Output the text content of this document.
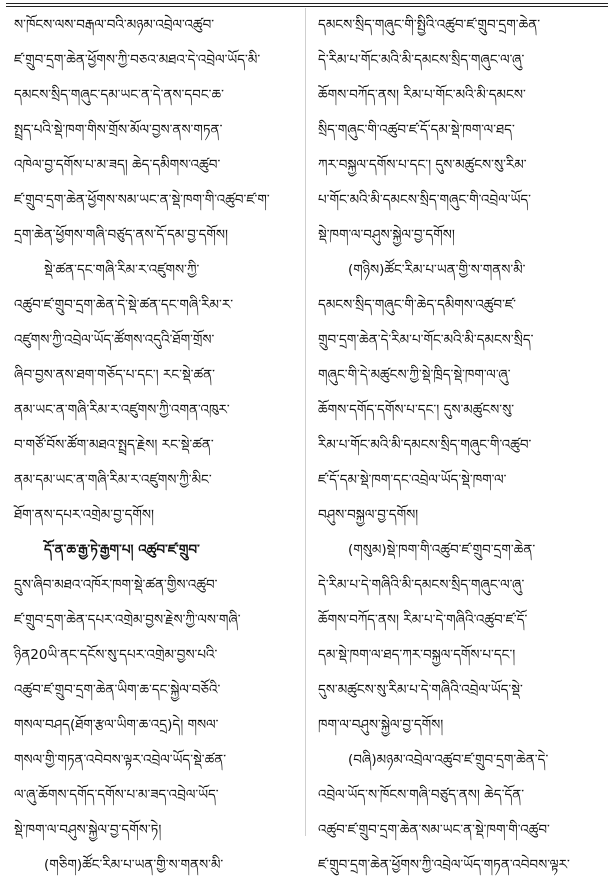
ས་ཁོངས་ལས་བརྒལ་བའི་མཉམ་འབྲེལ་འཚུབ་
ཛ་གྲུབ་དྲག་ཆེན་ཕྱོགས་ཀྱི་བཅའ་མཐའ་དེ་འབྲེལ་ཡོད་མི་
དམངས་སྲིད་གཞུང་དམ་ཡང་ན་དེ་ནས་དབང་ཆ་
སྤྲད་པའི་སྡེ་ཁག་གིས་གྲོས་མོལ་བྱས་ནས་གཏན་
འཁེལ་བྱ་དགོས་པ་མ་ཟད། ཆེད་དམིགས་འཚུབ་
ཛ་གྲུབ་དྲག་ཆེན་ཕྱོགས་སམ་ཡང་ན་སྡེ་ཁག་གི་འཚུབ་ཛ་ག་
དྲག་ཆེན་ཕྱོགས་གཞི་བཙུད་ནས་དོ་དམ་བྱ་དགོས།
སྡེ་ཚན་དང་གཞི་རིམ་ར་འཛུགས་ཀྱི་
འཚུབ་ཛ་གྲུབ་དྲག་ཆེན་དེ་སྡེ་ཚན་དང་གཞི་རིམ་ར་
འཛུགས་ཀྱི་འབྲེལ་ཡོད་ཚོགས་འདུའི་ཐོག་གྲོས་
ཞིབ་བྱས་ནས་ཐག་གཅོད་པ་དང་། རང་སྡེ་ཚན་
ནམ་ཡང་ན་གཞི་རིམ་ར་འཛུགས་ཀྱི་འགན་འཁུར་
བ་གཙོ་བོས་ཚོག་མཐའ་སྤྲད་རྗེས། རང་སྡེ་ཚན་
ནམ་དམ་ཡང་ན་གཞི་རིམ་ར་འཛུགས་ཀྱི་མིང་
ཐོག་ནས་དཔར་འགྲེམ་བྱ་དགོས།
དོ་ན་ཆ་རྒྱ་ཏེ་རྒྱག་པ། འཚུབ་ཛ་གྲུབ་
དྲུས་ཞིབ་མཐའ་འཁོར་ཁག་སྡེ་ཚན་གྱིས་འཚུབ་
ཛ་གྲུབ་དྲག་ཆེན་དཔར་འགྲེམ་བྱས་རྗེས་ཀྱི་ལས་གཞི་
ཉིན20ཡི་ནང་དངོས་སུ་དཔར་འགྲེམ་བྱས་པའི་
འཚུབ་ཛ་གྲུབ་དྲག་ཆེན་ཡིག་ཆ་དང་སྐྱེལ་བཅོའི་
གསལ་བཤད(ཐོག་རྩལ་ཡིག་ཆ་འདྲ)དེ། གསལ་
གསལ་གྱི་གཏན་འབེབས་ལྟར་འབྲེལ་ཡོད་སྡེ་ཚན་
ལ་ཞུ་ཆོགས་དགོད་དགོས་པ་མ་ཟད་འབྲེལ་ཡོད་
སྡེ་ཁག་ལ་བཤུས་སྐྱེལ་བྱ་དགོས་ཏེ།
(གཅིག)ཚོང་རིམ་པ་ཡན་གྱི་ས་གནས་མི་
དམངས་སྲིད་གཞུང་གི་སྤྱིའི་འཚུབ་ཛ་གྲུབ་དྲག་ཆེན་
དེ་རིམ་པ་གོང་མའི་མི་དམངས་སྲིད་གཞུང་ལ་ཞུ་
ཆོགས་བཀོད་ནས། རིམ་པ་གོང་མའི་མི་དམངས་
སྲིད་གཞུང་གི་འཚུབ་ཛ་དོ་དམ་སྡེ་ཁག་ལ་ཐད་
ཀར་བསྐྱལ་དགོས་པ་དང་། དུས་མཚུངས་སུ་རིམ་
པ་གོང་མའི་མི་དམངས་སྲིད་གཞུང་གི་འབྲེལ་ཡོད་
སྡེ་ཁག་ལ་བཤུས་སྐྱེལ་བྱ་དགོས།
(གཉིས)ཚོང་རིམ་པ་ཡན་གྱི་ས་གནས་མི་
དམངས་སྲིད་གཞུང་གི་ཆེད་དམིགས་འཚུབ་ཛ་
གྲུབ་དྲག་ཆེན་དེ་རིམ་པ་གོང་མའི་མི་དམངས་སྲིད་
གཞུང་གི་དེ་མཚུངས་ཀྱི་སྡེ་ཁྲིད་སྡེ་ཁག་ལ་ཞུ་
ཆོགས་དགོད་དགོས་པ་དང་། དུས་མཚུངས་སུ་
རིམ་པ་གོང་མའི་མི་དམངས་སྲིད་གཞུང་གི་འཚུབ་
ཛ་དོ་དམ་སྡེ་ཁག་དང་འབྲེལ་ཡོད་སྡེ་ཁག་ལ་
བཤུས་བསྐྱལ་བྱ་དགོས།
(གསུམ)སྡེ་ཁག་གི་འཚུབ་ཛ་གྲུབ་དྲག་ཆེན་
དེ་རིམ་པ་དེ་གཞིའི་མི་དམངས་སྲིད་གཞུང་ལ་ཞུ་
ཆོགས་བཀོད་ནས། རིམ་པ་དེ་གཞིའི་འཚུབ་ཛ་དོ་
དམ་སྡེ་ཁག་ལ་ཐད་ཀར་བསྐྱལ་དགོས་པ་དང་།
དུས་མཚུངས་སུ་རིམ་པ་དེ་གཞིའི་འབྲེལ་ཡོད་སྡེ་
ཁག་ལ་བཤུས་སྐྱེལ་བྱ་དགོས།
(བཞི)མཉམ་འབྲེལ་འཚུབ་ཛ་གྲུབ་དྲག་ཆེན་དེ་
འབྲེལ་ཡོད་ས་ཁོངས་གཞི་བཙུད་ནས། ཆེད་དོན་
འཚུབ་ཛ་གྲུབ་དྲག་ཆེན་སམ་ཡང་ན་སྡེ་ཁག་གི་འཚུབ་
ཛ་གྲུབ་དྲག་ཆེན་ཕྱོགས་ཀྱི་འབྲེལ་ཡོད་གཏན་འབེབས་ལྟར་
